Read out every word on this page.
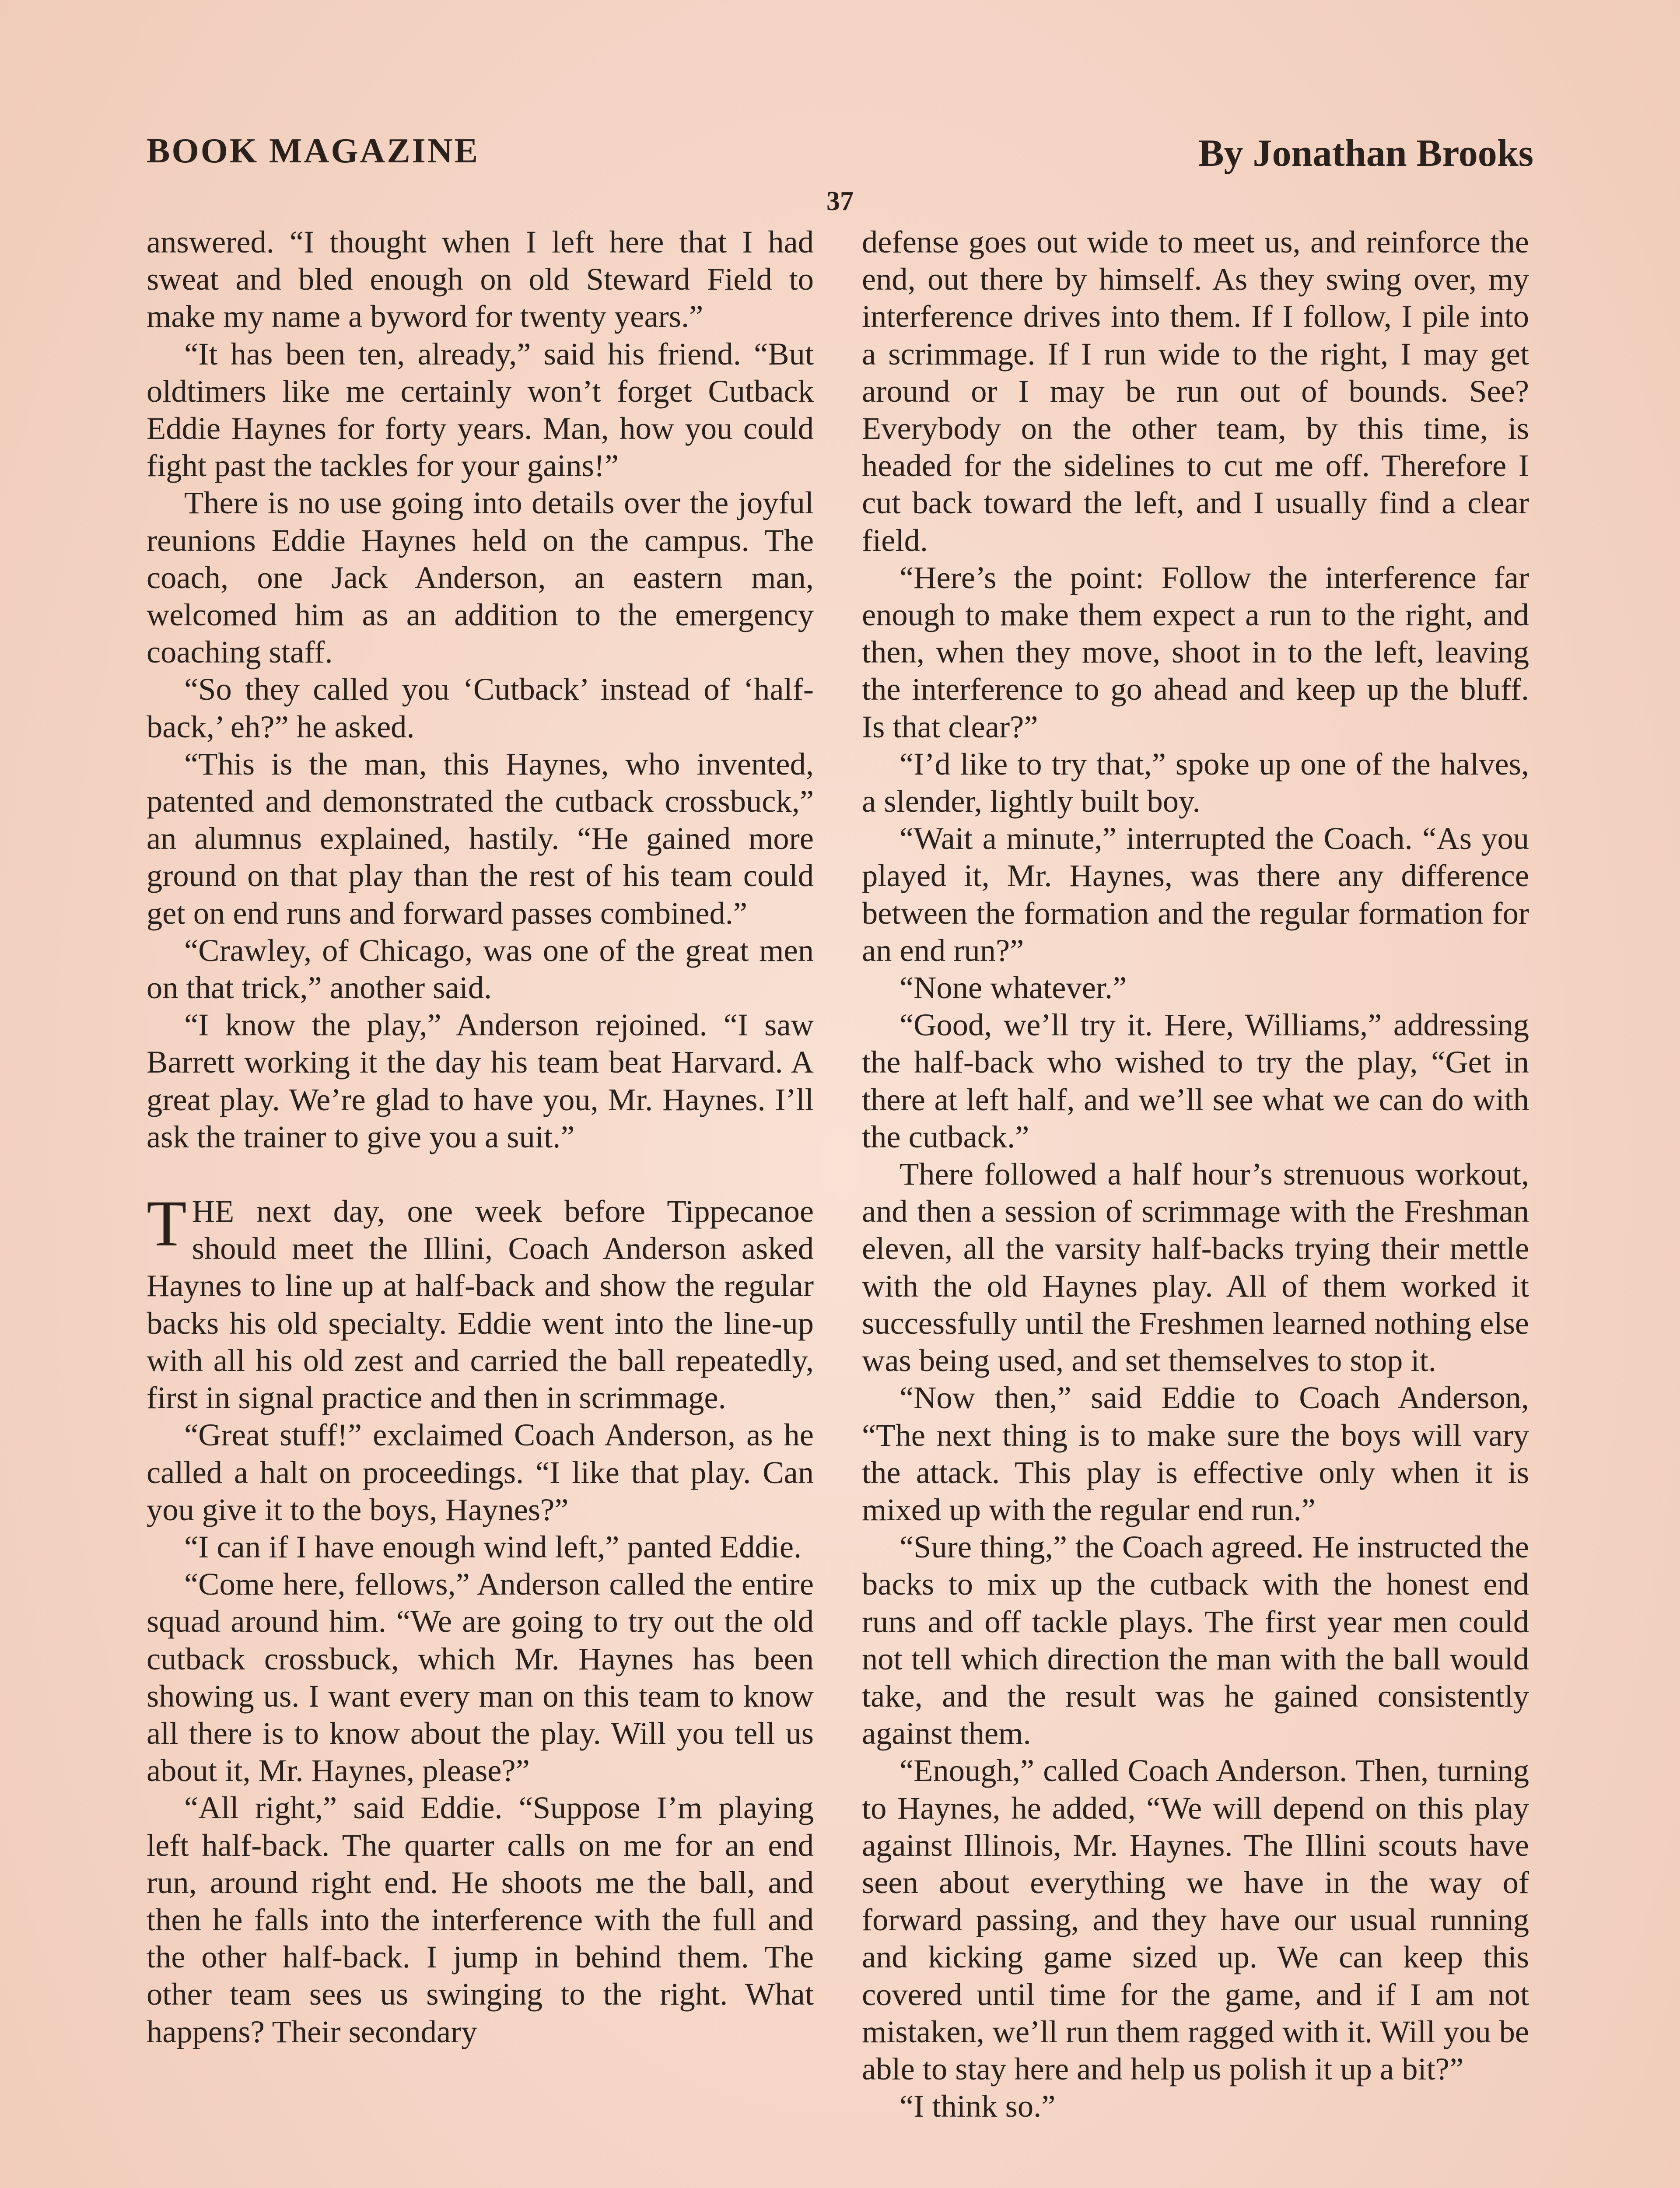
BOOK MAGAZINE	By Jonathan Brooks
37

answered. “I thought when I left here that I had sweat and bled enough on old Steward Field to make my name a byword for twenty years.”

“It has been ten, already,” said his friend. “But oldtimers like me certainly won’t forget Cutback Eddie Haynes for forty years. Man, how you could fight past the tackles for your gains!”

There is no use going into details over the joyful reunions Eddie Haynes held on the campus. The coach, one Jack Anderson, an eastern man, welcomed him as an addition to the emergency coaching staff.

“So they called you ‘Cutback’ instead of ‘half-back,’ eh?” he asked.

“This is the man, this Haynes, who invented, patented and demonstrated the cutback crossbuck,” an alumnus explained, hastily. “He gained more ground on that play than the rest of his team could get on end runs and forward passes combined.”

“Crawley, of Chicago, was one of the great men on that trick,” another said.

“I know the play,” Anderson rejoined. “I saw Barrett working it the day his team beat Harvard. A great play. We’re glad to have you, Mr. Haynes. I’ll ask the trainer to give you a suit.”

THE next day, one week before Tippecanoe should meet the Illini, Coach Anderson asked Haynes to line up at half-back and show the regular backs his old specialty. Eddie went into the line-up with all his old zest and carried the ball repeatedly, first in signal practice and then in scrimmage.

“Great stuff!” exclaimed Coach Anderson, as he called a halt on proceedings. “I like that play. Can you give it to the boys, Haynes?”

“I can if I have enough wind left,” panted Eddie.

“Come here, fellows,” Anderson called the entire squad around him. “We are going to try out the old cutback crossbuck, which Mr. Haynes has been showing us. I want every man on this team to know all there is to know about the play. Will you tell us about it, Mr. Haynes, please?”

“All right,” said Eddie. “Suppose I’m playing left half-back. The quarter calls on me for an end run, around right end. He shoots me the ball, and then he falls into the interference with the full and the other half-back. I jump in behind them. The other team sees us swinging to the right. What happens? Their secondary

defense goes out wide to meet us, and reinforce the end, out there by himself. As they swing over, my interference drives into them. If I follow, I pile into a scrimmage. If I run wide to the right, I may get around or I may be run out of bounds. See? Everybody on the other team, by this time, is headed for the sidelines to cut me off. Therefore I cut back toward the left, and I usually find a clear field.

“Here’s the point: Follow the interference far enough to make them expect a run to the right, and then, when they move, shoot in to the left, leaving the interference to go ahead and keep up the bluff. Is that clear?”

“I’d like to try that,” spoke up one of the halves, a slender, lightly built boy.

“Wait a minute,” interrupted the Coach. “As you played it, Mr. Haynes, was there any difference between the formation and the regular formation for an end run?”

“None whatever.”

“Good, we’ll try it. Here, Williams,” addressing the half-back who wished to try the play, “Get in there at left half, and we’ll see what we can do with the cutback.”

There followed a half hour’s strenuous workout, and then a session of scrimmage with the Freshman eleven, all the varsity half-backs trying their mettle with the old Haynes play. All of them worked it successfully until the Freshmen learned nothing else was being used, and set themselves to stop it.

“Now then,” said Eddie to Coach Anderson, “The next thing is to make sure the boys will vary the attack. This play is effective only when it is mixed up with the regular end run.”

“Sure thing,” the Coach agreed. He instructed the backs to mix up the cutback with the honest end runs and off tackle plays. The first year men could not tell which direction the man with the ball would take, and the result was he gained consistently against them.

“Enough,” called Coach Anderson. Then, turning to Haynes, he added, “We will depend on this play against Illinois, Mr. Haynes. The Illini scouts have seen about everything we have in the way of forward passing, and they have our usual running and kicking game sized up. We can keep this covered until time for the game, and if I am not mistaken, we’ll run them ragged with it. Will you be able to stay here and help us polish it up a bit?”

“I think so.”
